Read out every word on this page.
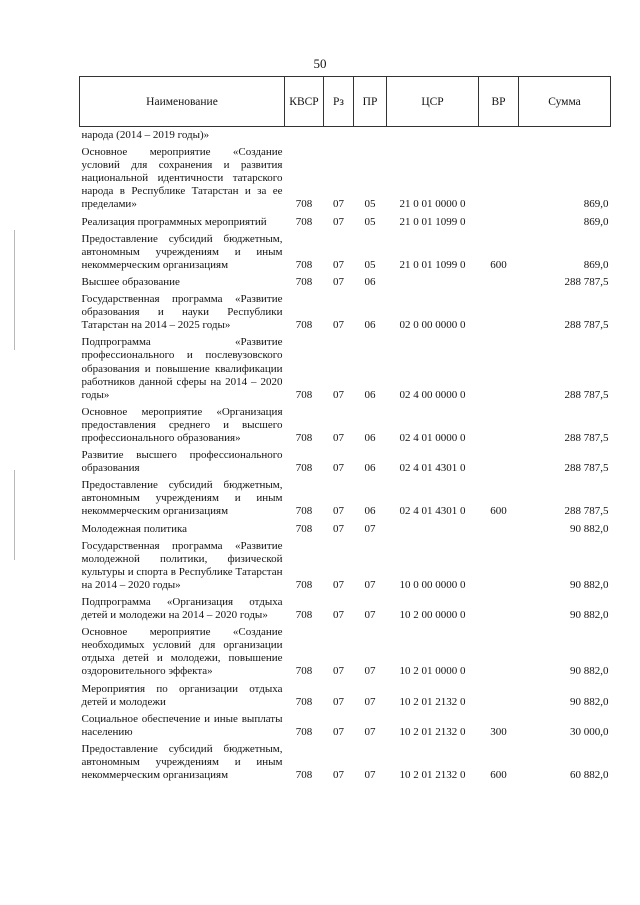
50
Наименование	КВСР	Рз	ПР	ЦСР	ВР	Сумма
народа (2014 – 2019 годы)»						
Основное мероприятие «Создание условий для сохранения и развития национальной идентичности татарского народа в Республике Татарстан и за ее пределами»	708	07	05	21 0 01 0000 0		869,0
Реализация программных мероприятий	708	07	05	21 0 01 1099 0		869,0
Предоставление субсидий бюджетным, автономным учреждениям и иным некоммерческим организациям	708	07	05	21 0 01 1099 0	600	869,0
Высшее образование	708	07	06			288 787,5
Государственная программа «Развитие образования и науки Республики Татарстан на 2014 – 2025 годы»	708	07	06	02 0 00 0000 0		288 787,5
Подпрограмма «Развитие профессионального и послевузовского образования и повышение квалификации работников данной сферы на 2014 – 2020 годы»	708	07	06	02 4 00 0000 0		288 787,5
Основное мероприятие «Организация предоставления среднего и высшего профессионального образования»	708	07	06	02 4 01 0000 0		288 787,5
Развитие высшего профессионального образования	708	07	06	02 4 01 4301 0		288 787,5
Предоставление субсидий бюджетным, автономным учреждениям и иным некоммерческим организациям	708	07	06	02 4 01 4301 0	600	288 787,5
Молодежная политика	708	07	07			90 882,0
Государственная программа «Развитие молодежной политики, физической культуры и спорта в Республике Татарстан на 2014 – 2020 годы»	708	07	07	10 0 00 0000 0		90 882,0
Подпрограмма «Организация отдыха детей и молодежи на 2014 – 2020 годы»	708	07	07	10 2 00 0000 0		90 882,0
Основное мероприятие «Создание необходимых условий для организации отдыха детей и молодежи, повышение оздоровительного эффекта»	708	07	07	10 2 01 0000 0		90 882,0
Мероприятия по организации отдыха детей и молодежи	708	07	07	10 2 01 2132 0		90 882,0
Социальное обеспечение и иные выплаты населению	708	07	07	10 2 01 2132 0	300	30 000,0
Предоставление субсидий бюджетным, автономным учреждениям и иным некоммерческим организациям	708	07	07	10 2 01 2132 0	600	60 882,0
